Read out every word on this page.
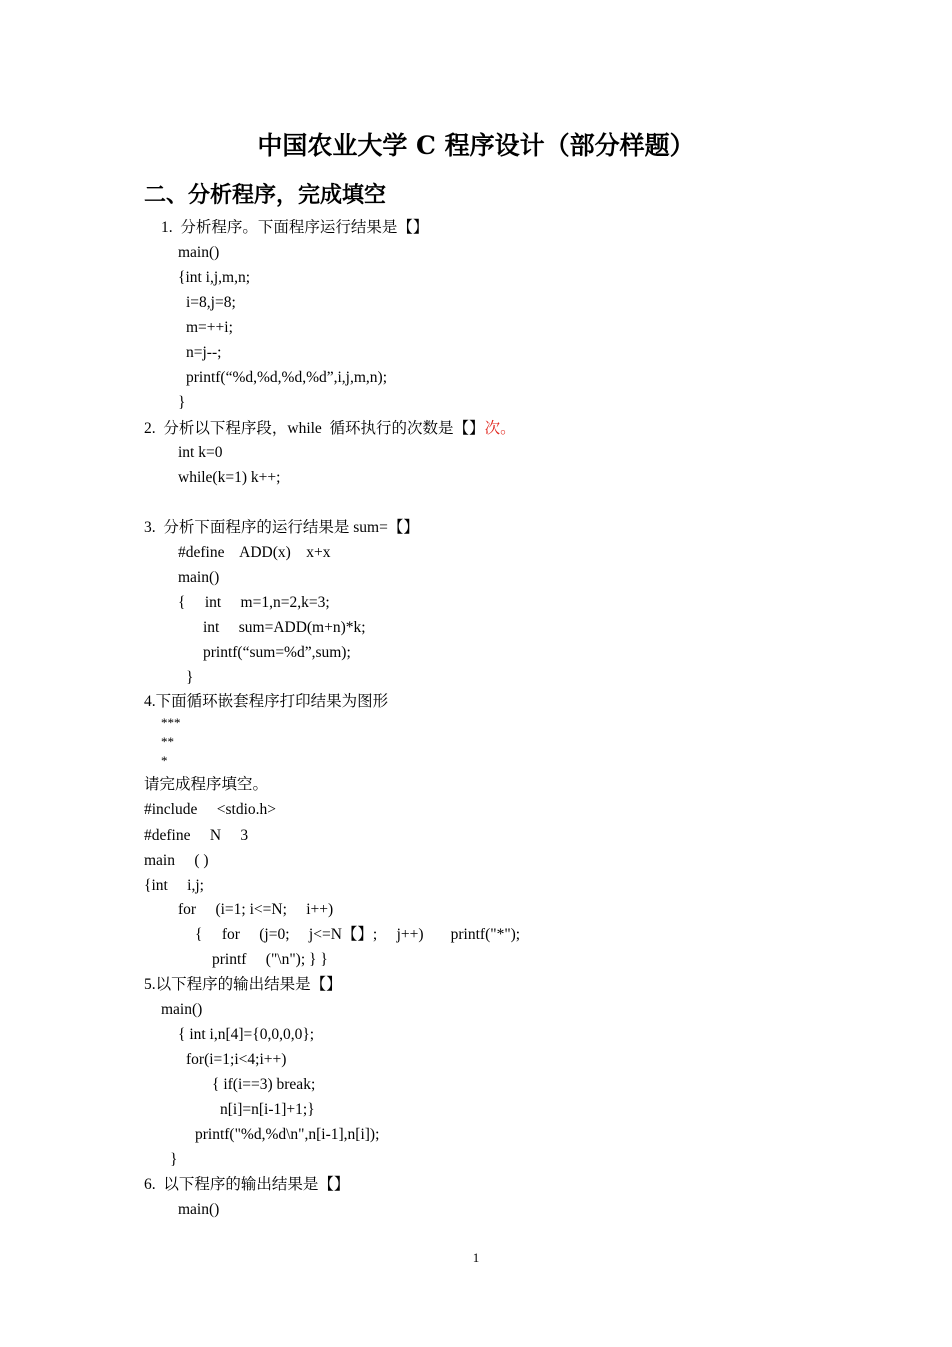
中国农业大学 C 程序设计（部分样题）
二、分析程序，完成填空
1.  分析程序。下面程序运行结果是【】
main()
{int i,j,m,n;
i=8,j=8;
m=++i;
n=j--;
printf(“%d,%d,%d,%d”,i,j,m,n);
}
2.  分析以下程序段，while  循环执行的次数是【】次。
int k=0
while(k=1) k++;
3.  分析下面程序的运行结果是 sum=【】
#define    ADD(x)    x+x
main()
{     int     m=1,n=2,k=3;
int     sum=ADD(m+n)*k;
printf(“sum=%d”,sum);
}
4.下面循环嵌套程序打印结果为图形
***
**
*
请完成程序填空。
#include     <stdio.h>
#define     N     3
main     ( )
{int     i,j;
for     (i=1; i<=N;     i++)
{     for     (j=0;     j<=N【】;     j++)       printf("*");
printf     ("\n"); } }
5.以下程序的输出结果是【】
main()
{ int i,n[4]={0,0,0,0};
for(i=1;i<4;i++)
{ if(i==3) break;
n[i]=n[i-1]+1;}
printf("%d,%d\n",n[i-1],n[i]);
}
6.  以下程序的输出结果是【】
main()
1
